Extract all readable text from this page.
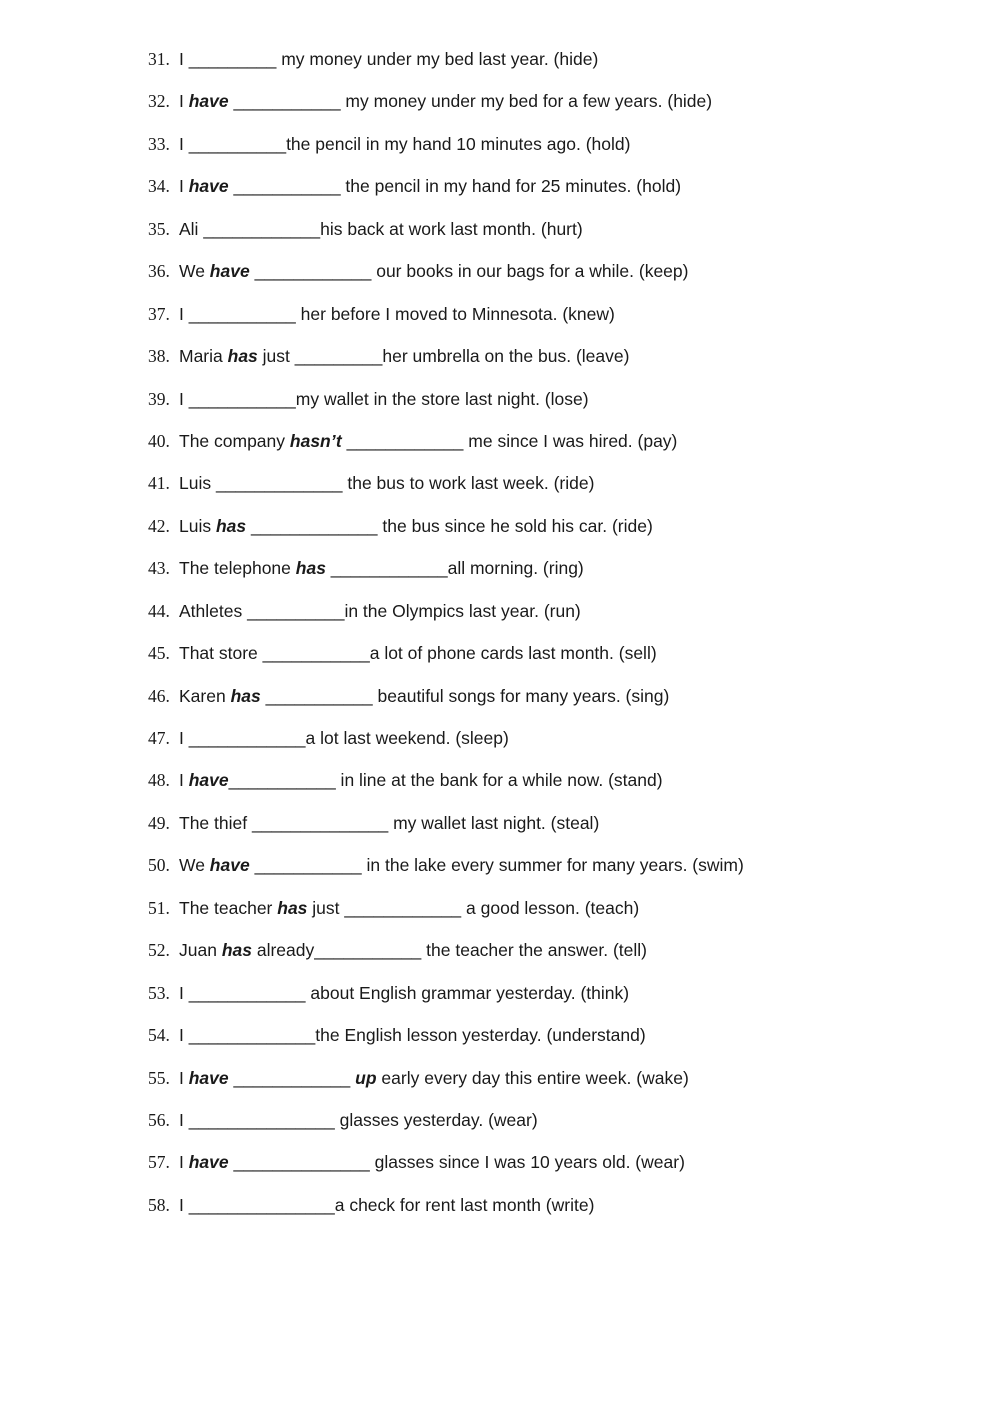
31. I _________ my money under my bed last year. (hide)
32. I have ___________ my money under my bed for a few years. (hide)
33. I __________the pencil in my hand 10 minutes ago. (hold)
34. I have ___________ the pencil in my hand for 25 minutes. (hold)
35. Ali ____________his back at work last month. (hurt)
36. We have ____________ our books in our bags for a while. (keep)
37. I ___________ her before I moved to Minnesota. (knew)
38. Maria has just _________her umbrella on the bus. (leave)
39. I ___________my wallet in the store last night. (lose)
40. The company hasn’t ____________ me since I was hired. (pay)
41. Luis _____________ the bus to work last week. (ride)
42. Luis has _____________ the bus since he sold his car. (ride)
43. The telephone has ____________all morning. (ring)
44. Athletes __________in the Olympics last year. (run)
45. That store ___________a lot of phone cards last month. (sell)
46. Karen has ___________ beautiful songs for many years. (sing)
47. I ____________a lot last weekend. (sleep)
48. I have___________ in line at the bank for a while now. (stand)
49. The thief ______________ my wallet last night. (steal)
50. We have ___________ in the lake every summer for many years. (swim)
51. The teacher has just ____________ a good lesson. (teach)
52. Juan has already___________ the teacher the answer. (tell)
53. I ____________ about English grammar yesterday. (think)
54. I _____________the English lesson yesterday. (understand)
55. I have ____________ up early every day this entire week. (wake)
56. I _______________ glasses yesterday. (wear)
57. I have ______________ glasses since I was 10 years old. (wear)
58. I _______________a check for rent last month (write)
